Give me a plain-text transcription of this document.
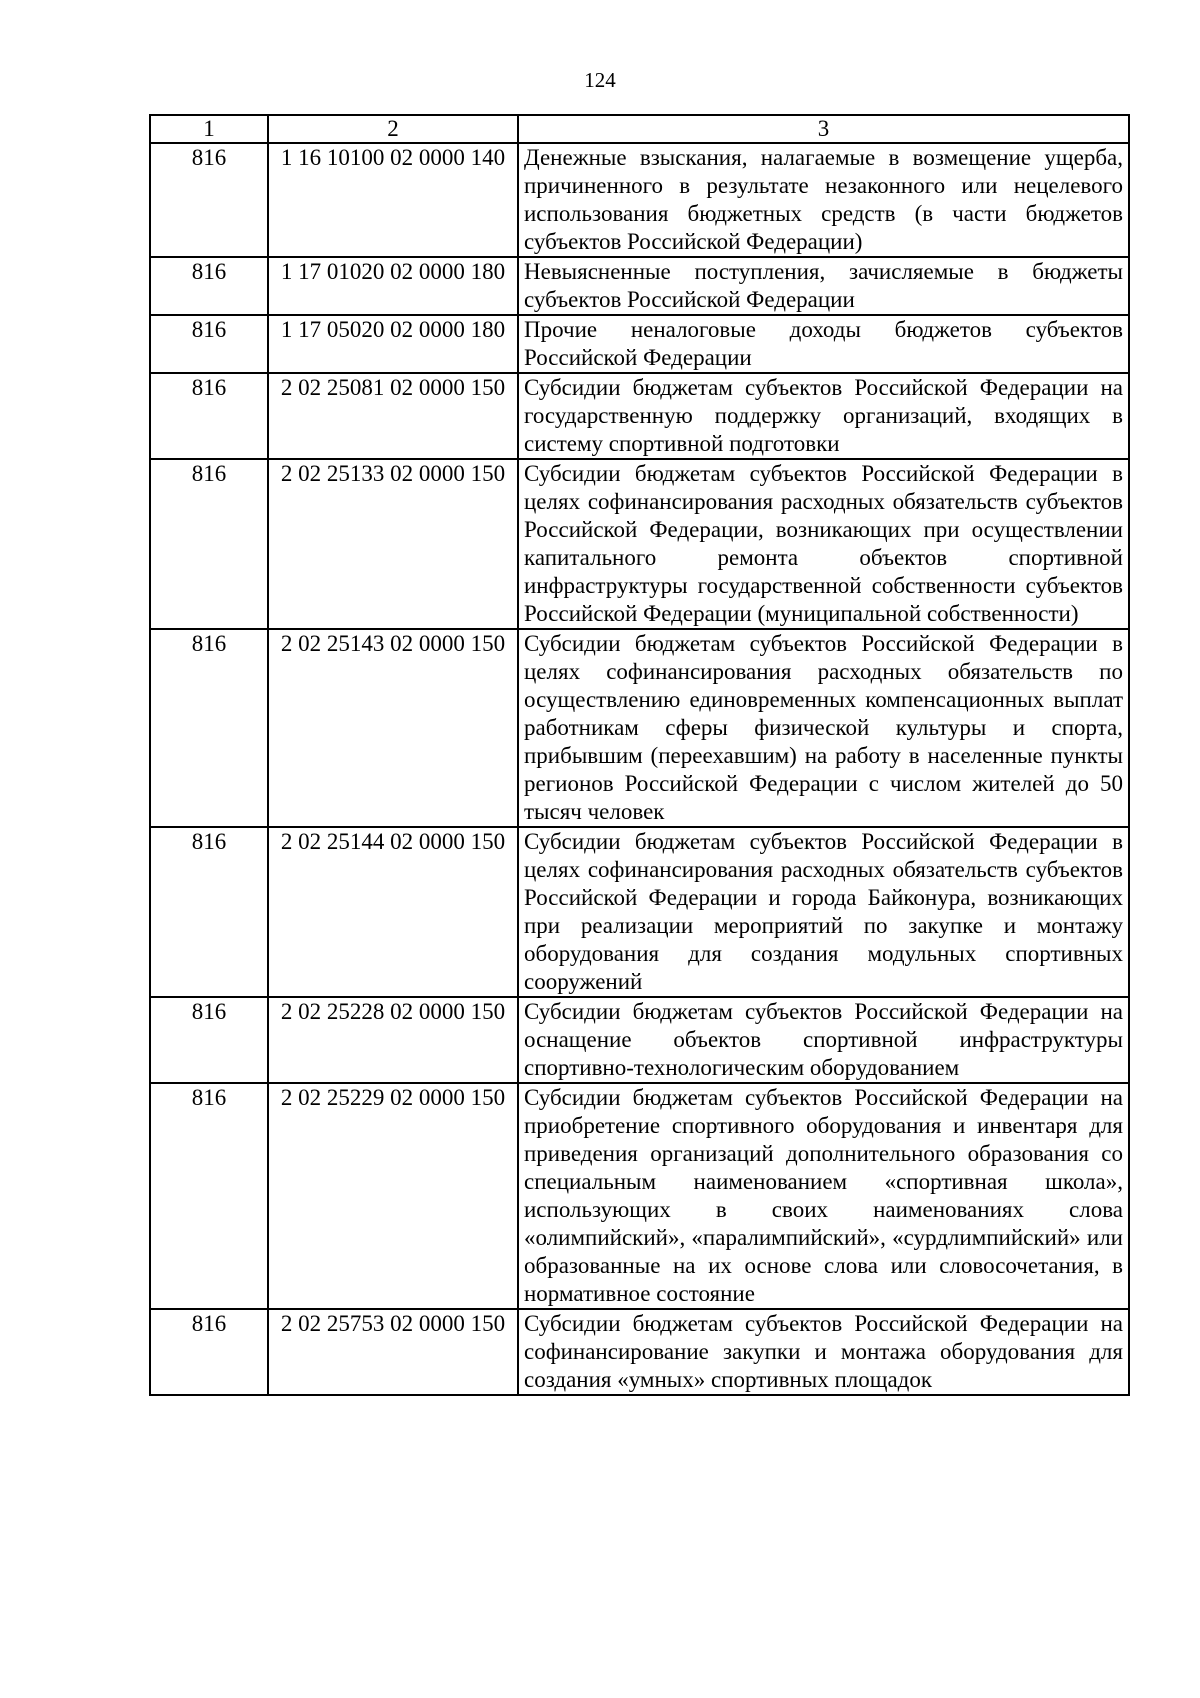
124
1	2	3
816	1 16 10100 02 0000 140	Денежные взыскания, налагаемые в возмещение ущерба, причиненного в результате незаконного или нецелевого использования бюджетных средств (в части бюджетов субъектов Российской Федерации)
816	1 17 01020 02 0000 180	Невыясненные поступления, зачисляемые в бюджеты субъектов Российской Федерации
816	1 17 05020 02 0000 180	Прочие неналоговые доходы бюджетов субъектов Российской Федерации
816	2 02 25081 02 0000 150	Субсидии бюджетам субъектов Российской Федерации на государственную поддержку организаций, входящих в систему спортивной подготовки
816	2 02 25133 02 0000 150	Субсидии бюджетам субъектов Российской Федерации в целях софинансирования расходных обязательств субъектов Российской Федерации, возникающих при осуществлении капитального ремонта объектов спортивной инфраструктуры государственной собственности субъектов Российской Федерации (муниципальной собственности)
816	2 02 25143 02 0000 150	Субсидии бюджетам субъектов Российской Федерации в целях софинансирования расходных обязательств по осуществлению единовременных компенсационных выплат работникам сферы физической культуры и спорта, прибывшим (переехавшим) на работу в населенные пункты регионов Российской Федерации с числом жителей до 50 тысяч человек
816	2 02 25144 02 0000 150	Субсидии бюджетам субъектов Российской Федерации в целях софинансирования расходных обязательств субъектов Российской Федерации и города Байконура, возникающих при реализации мероприятий по закупке и монтажу оборудования для создания модульных спортивных сооружений
816	2 02 25228 02 0000 150	Субсидии бюджетам субъектов Российской Федерации на оснащение объектов спортивной инфраструктуры спортивно-технологическим оборудованием
816	2 02 25229 02 0000 150	Субсидии бюджетам субъектов Российской Федерации на приобретение спортивного оборудования и инвентаря для приведения организаций дополнительного образования со специальным наименованием «спортивная школа», использующих в своих наименованиях слова «олимпийский», «паралимпийский», «сурдлимпийский» или образованные на их основе слова или словосочетания, в нормативное состояние
816	2 02 25753 02 0000 150	Субсидии бюджетам субъектов Российской Федерации на софинансирование закупки и монтажа оборудования для создания «умных» спортивных площадок
